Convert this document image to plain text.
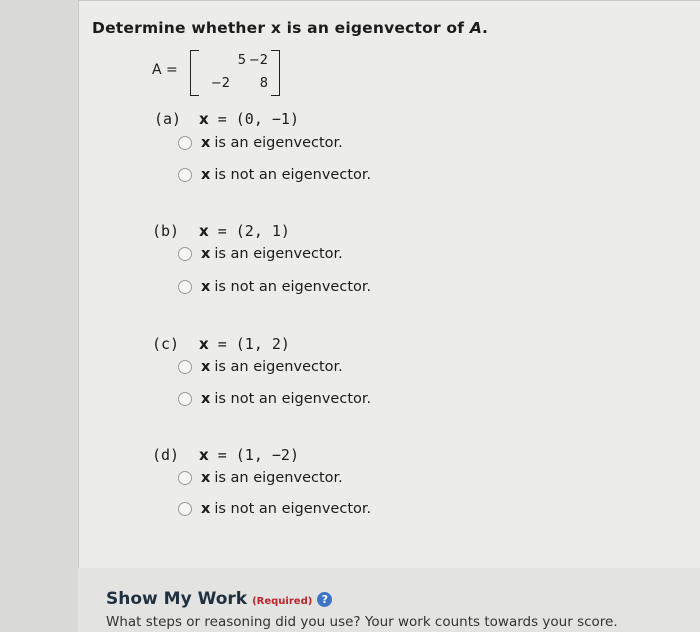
Determine whether x is an eigenvector of A.
A =
5 −2
−2	8
(a) x = (0, −1)
x is an eigenvector.
x is not an eigenvector.
(b) x = (2, 1)
x is an eigenvector.
x is not an eigenvector.
(c) x = (1, 2)
x is an eigenvector.
x is not an eigenvector.
(d) x = (1, −2)
x is an eigenvector.
x is not an eigenvector.
Show My Work (Required) ?
What steps or reasoning did you use? Your work counts towards your score.
